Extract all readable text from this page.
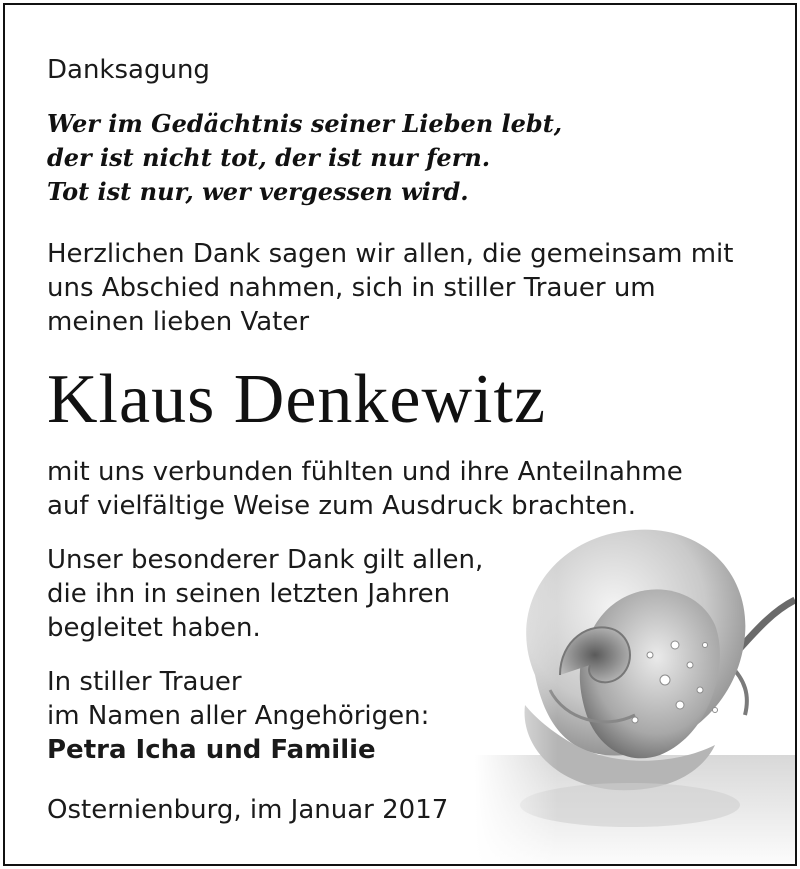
Danksagung
Wer im Gedächtnis seiner Lieben lebt,
der ist nicht tot, der ist nur fern.
Tot ist nur, wer vergessen wird.
Herzlichen Dank sagen wir allen, die gemeinsam mit
uns Abschied nahmen, sich in stiller Trauer um
meinen lieben Vater
Klaus Denkewitz
mit uns verbunden fühlten und ihre Anteilnahme
auf vielfältige Weise zum Ausdruck brachten.
Unser besonderer Dank gilt allen,
die ihn in seinen letzten Jahren
begleitet haben.
In stiller Trauer
im Namen aller Angehörigen:
Petra Icha und Familie
Osternienburg, im Januar 2017
